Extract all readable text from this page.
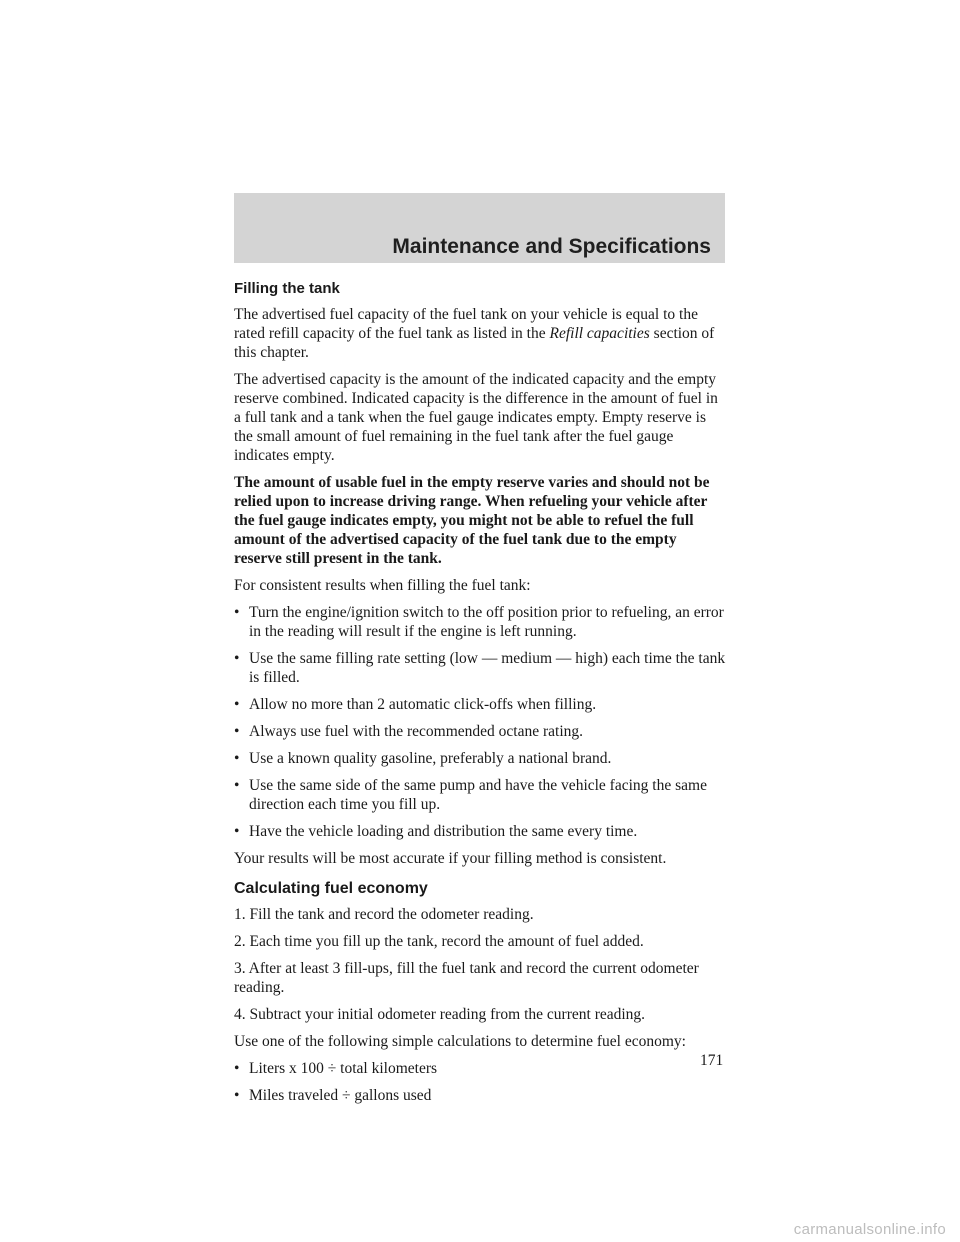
Maintenance and Specifications
Filling the tank

The advertised fuel capacity of the fuel tank on your vehicle is equal to the rated refill capacity of the fuel tank as listed in the Refill capacities section of this chapter.

The advertised capacity is the amount of the indicated capacity and the empty reserve combined. Indicated capacity is the difference in the amount of fuel in a full tank and a tank when the fuel gauge indicates empty. Empty reserve is the small amount of fuel remaining in the fuel tank after the fuel gauge indicates empty.

The amount of usable fuel in the empty reserve varies and should not be relied upon to increase driving range. When refueling your vehicle after the fuel gauge indicates empty, you might not be able to refuel the full amount of the advertised capacity of the fuel tank due to the empty reserve still present in the tank.

For consistent results when filling the fuel tank:

• Turn the engine/ignition switch to the off position prior to refueling, an error in the reading will result if the engine is left running.
• Use the same filling rate setting (low — medium — high) each time the tank is filled.
• Allow no more than 2 automatic click-offs when filling.
• Always use fuel with the recommended octane rating.
• Use a known quality gasoline, preferably a national brand.
• Use the same side of the same pump and have the vehicle facing the same direction each time you fill up.
• Have the vehicle loading and distribution the same every time.

Your results will be most accurate if your filling method is consistent.

Calculating fuel economy

1. Fill the tank and record the odometer reading.

2. Each time you fill up the tank, record the amount of fuel added.

3. After at least 3 fill-ups, fill the fuel tank and record the current odometer reading.

4. Subtract your initial odometer reading from the current reading.

Use one of the following simple calculations to determine fuel economy:

• Liters x 100 ÷ total kilometers
• Miles traveled ÷ gallons used
171
carmanualsonline.info
